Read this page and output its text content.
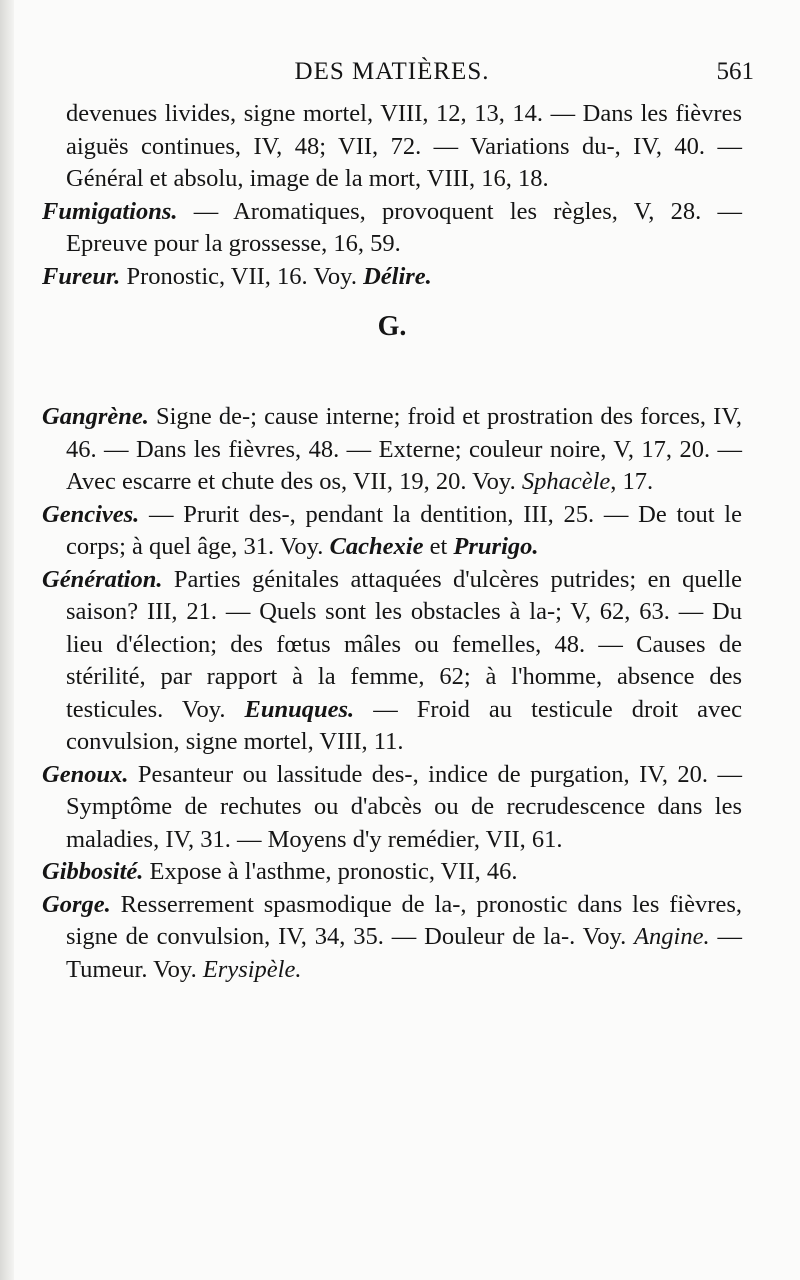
DES MATIÈRES.	561

devenues livides, signe mortel, VIII, 12, 13, 14. — Dans les fièvres aiguës continues, IV, 48; VII, 72. — Variations du-, IV, 40. — Général et absolu, image de la mort, VIII, 16, 18.

Fumigations. — Aromatiques, provoquent les règles, V, 28. — Epreuve pour la grossesse, 16, 59.

Fureur. Pronostic, VII, 16. Voy. Délire.

G.

Gangrène. Signe de-; cause interne; froid et prostration des forces, IV, 46. — Dans les fièvres, 48. — Externe; couleur noire, V, 17, 20. — Avec escarre et chute des os, VII, 19, 20. Voy. Sphacèle, 17.

Gencives. — Prurit des-, pendant la dentition, III, 25. — De tout le corps; à quel âge, 31. Voy. Cachexie et Prurigo.

Génération. Parties génitales attaquées d'ulcères putrides; en quelle saison? III, 21. — Quels sont les obstacles à la-; V, 62, 63. — Du lieu d'élection; des fœtus mâles ou femelles, 48. — Causes de stérilité, par rapport à la femme, 62; à l'homme, absence des testicules. Voy. Eunuques. — Froid au testicule droit avec convulsion, signe mortel, VIII, 11.

Genoux. Pesanteur ou lassitude des-, indice de purgation, IV, 20. — Symptôme de rechutes ou d'abcès ou de recrudescence dans les maladies, IV, 31. — Moyens d'y remédier, VII, 61.

Gibbosité. Expose à l'asthme, pronostic, VII, 46.

Gorge. Resserrement spasmodique de la-, pronostic dans les fièvres, signe de convulsion, IV, 34, 35. — Douleur de la-. Voy. Angine. — Tumeur. Voy. Erysipèle.
